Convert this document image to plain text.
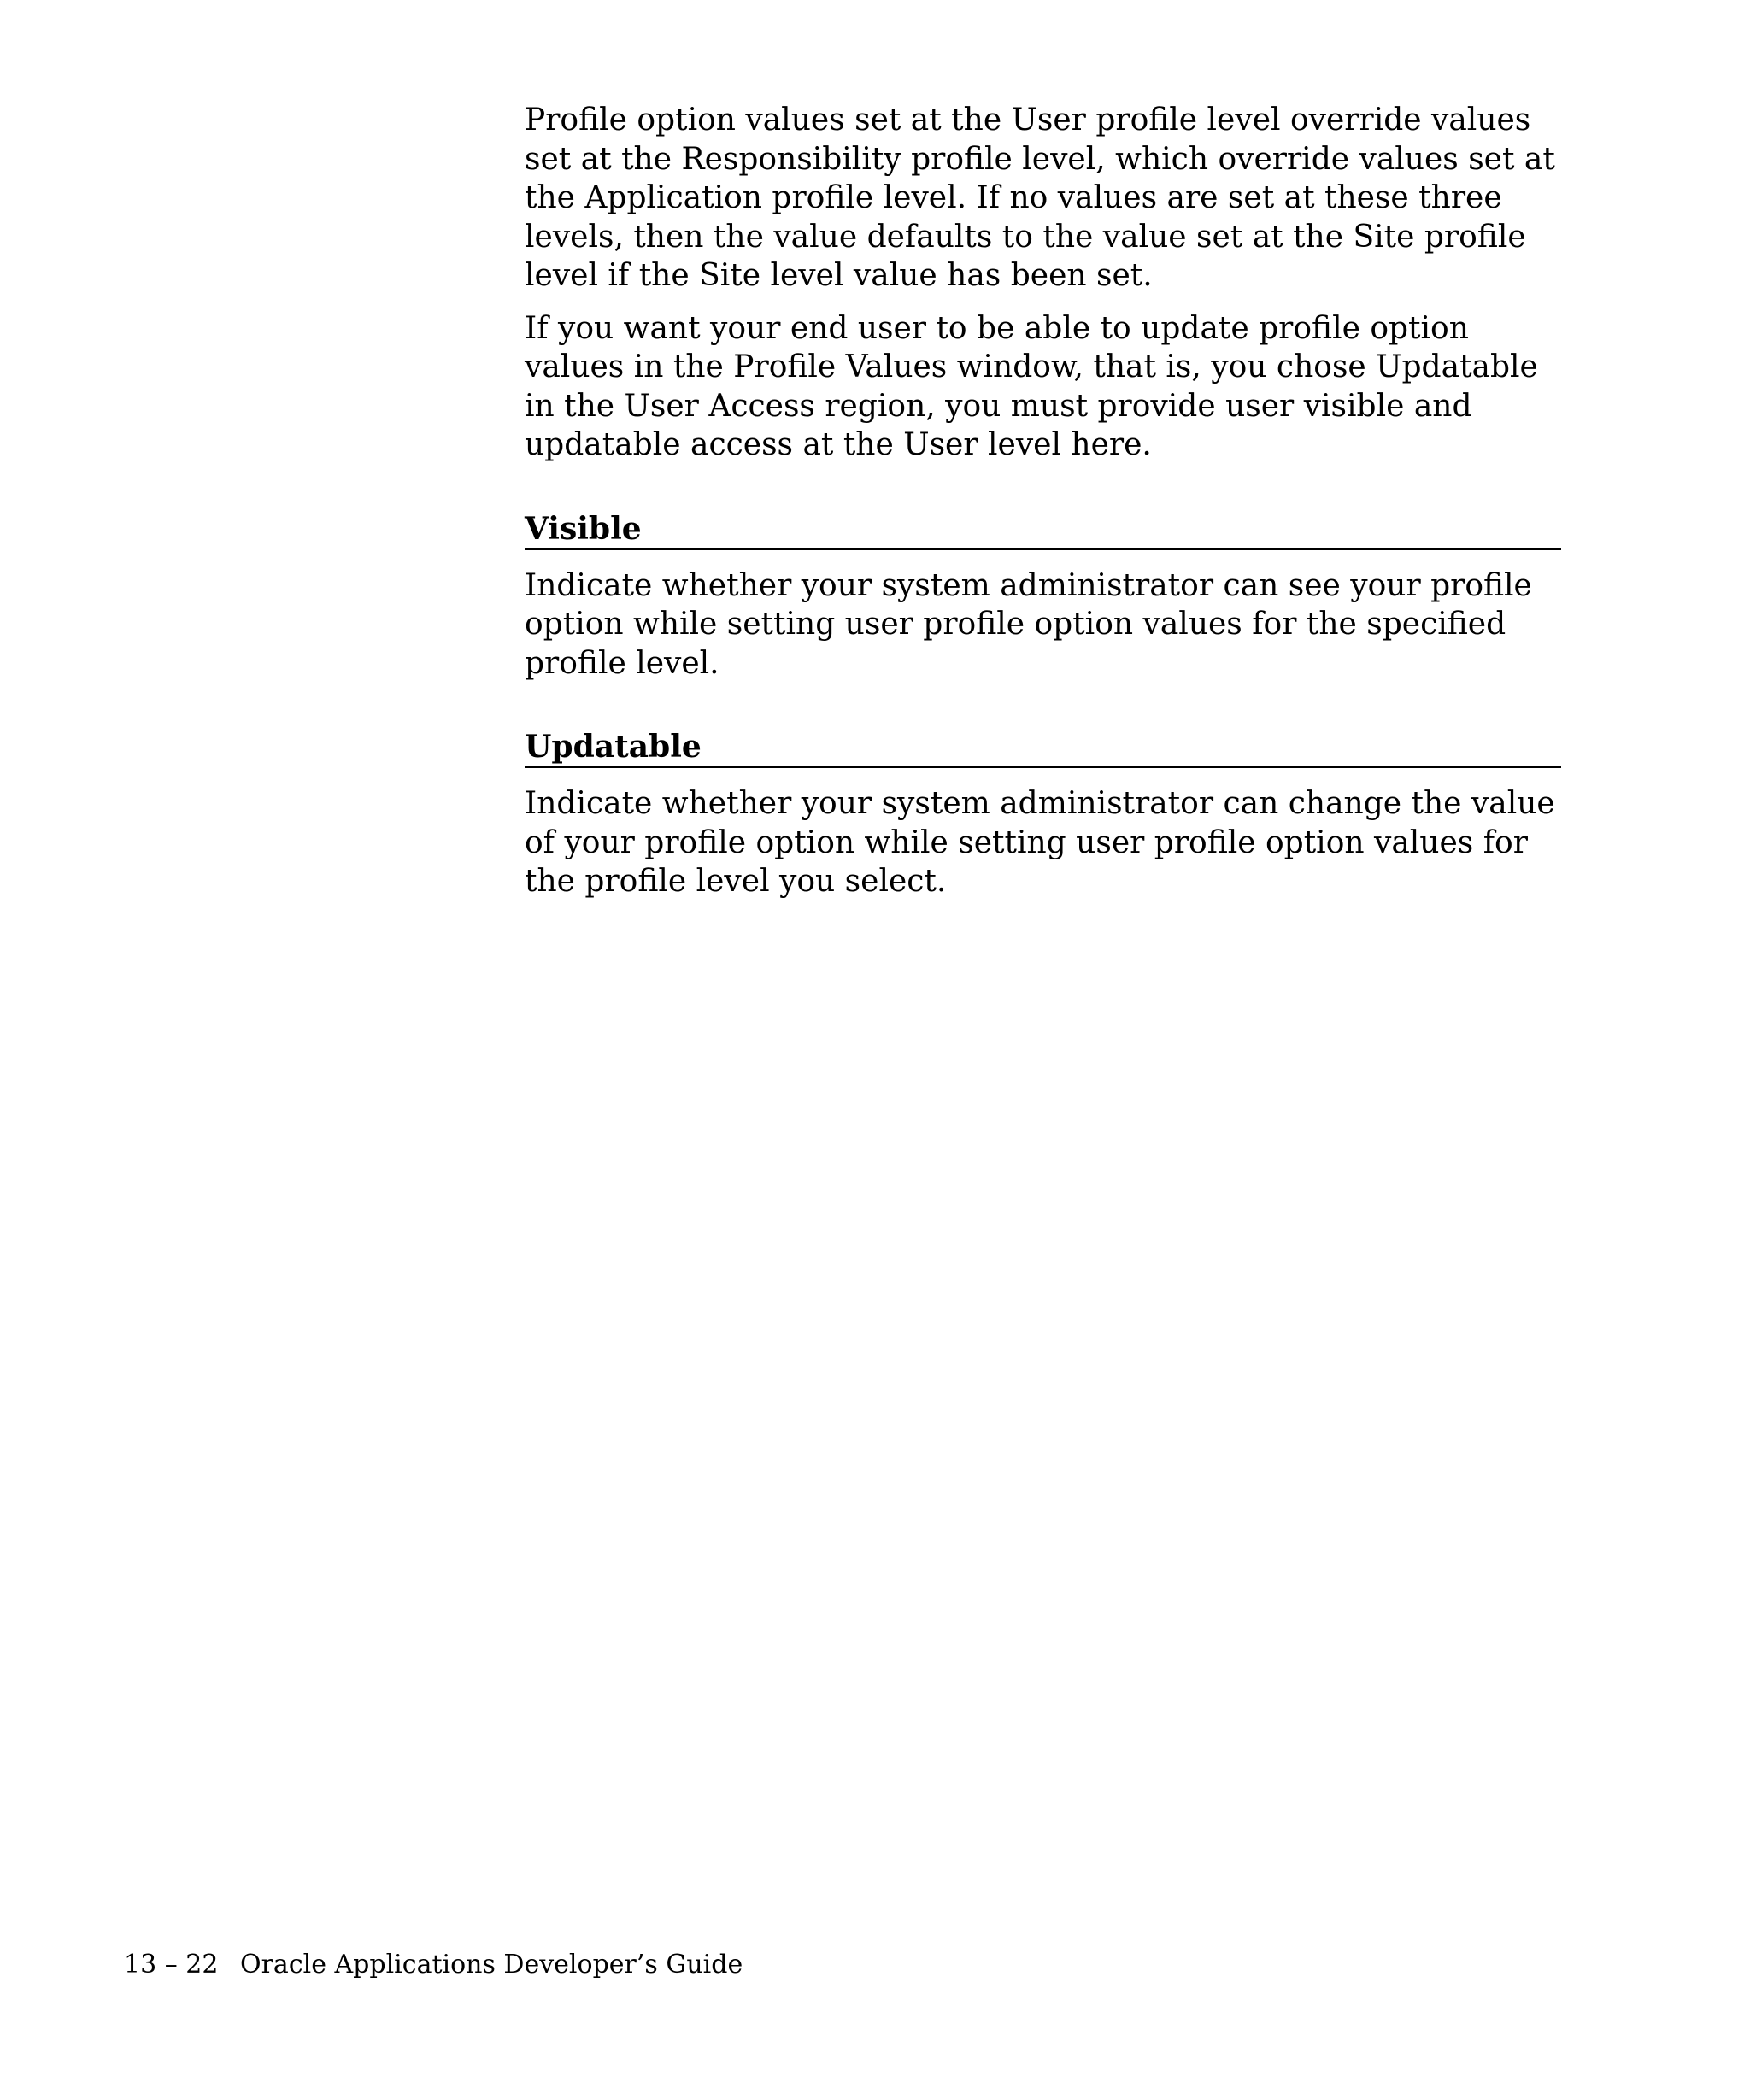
Profile option values set at the User profile level override values set at the Responsibility profile level, which override values set at the Application profile level. If no values are set at these three levels, then the value defaults to the value set at the Site profile level if the Site level value has been set.

If you want your end user to be able to update profile option values in the Profile Values window, that is, you chose Updatable in the User Access region, you must provide user visible and updatable access at the User level here.

Visible

Indicate whether your system administrator can see your profile option while setting user profile option values for the specified profile level.

Updatable

Indicate whether your system administrator can change the value of your profile option while setting user profile option values for the profile level you select.

13 – 22 Oracle Applications Developer’s Guide
